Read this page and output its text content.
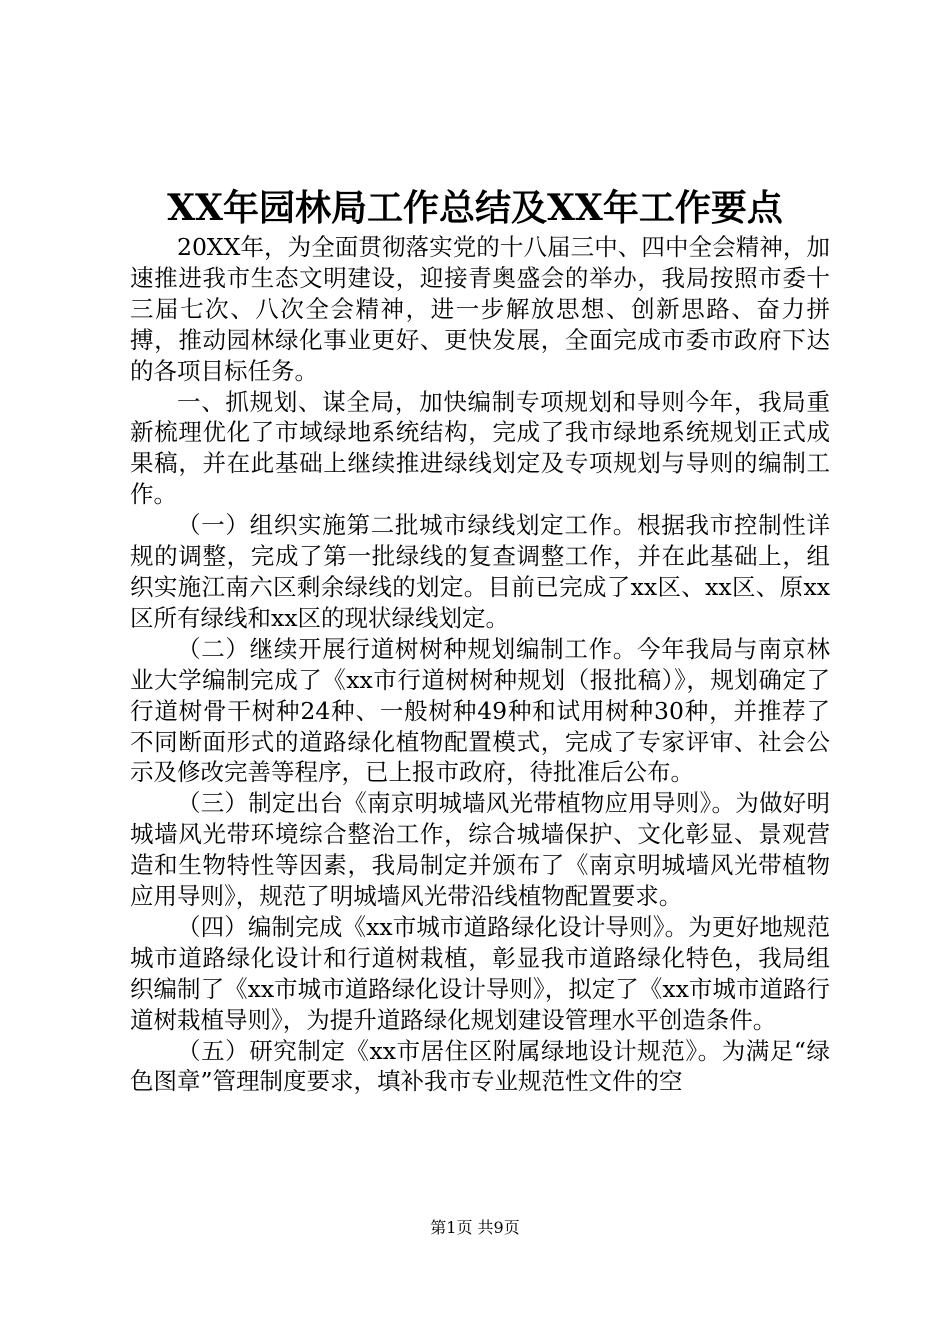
XX年园林局工作总结及XX年工作要点

20XX年，为全面贯彻落实党的十八届三中、四中全会精神，加速推进我市生态文明建设，迎接青奥盛会的举办，我局按照市委十三届七次、八次全会精神，进一步解放思想、创新思路、奋力拼搏，推动园林绿化事业更好、更快发展，全面完成市委市政府下达的各项目标任务。

一、抓规划、谋全局，加快编制专项规划和导则今年，我局重新梳理优化了市域绿地系统结构，完成了我市绿地系统规划正式成果稿，并在此基础上继续推进绿线划定及专项规划与导则的编制工作。

（一）组织实施第二批城市绿线划定工作。根据我市控制性详规的调整，完成了第一批绿线的复查调整工作，并在此基础上，组织实施江南六区剩余绿线的划定。目前已完成了xx区、xx区、原xx区所有绿线和xx区的现状绿线划定。

（二）继续开展行道树树种规划编制工作。今年我局与南京林业大学编制完成了《xx市行道树树种规划（报批稿）》，规划确定了行道树骨干树种24种、一般树种49种和试用树种30种，并推荐了不同断面形式的道路绿化植物配置模式，完成了专家评审、社会公示及修改完善等程序，已上报市政府，待批准后公布。

（三）制定出台《南京明城墙风光带植物应用导则》。为做好明城墙风光带环境综合整治工作，综合城墙保护、文化彰显、景观营造和生物特性等因素，我局制定并颁布了《南京明城墙风光带植物应用导则》，规范了明城墙风光带沿线植物配置要求。

（四）编制完成《xx市城市道路绿化设计导则》。为更好地规范城市道路绿化设计和行道树栽植，彰显我市道路绿化特色，我局组织编制了《xx市城市道路绿化设计导则》，拟定了《xx市城市道路行道树栽植导则》，为提升道路绿化规划建设管理水平创造条件。

（五）研究制定《xx市居住区附属绿地设计规范》。为满足“绿色图章”管理制度要求，填补我市专业规范性文件的空

第1页 共9页
